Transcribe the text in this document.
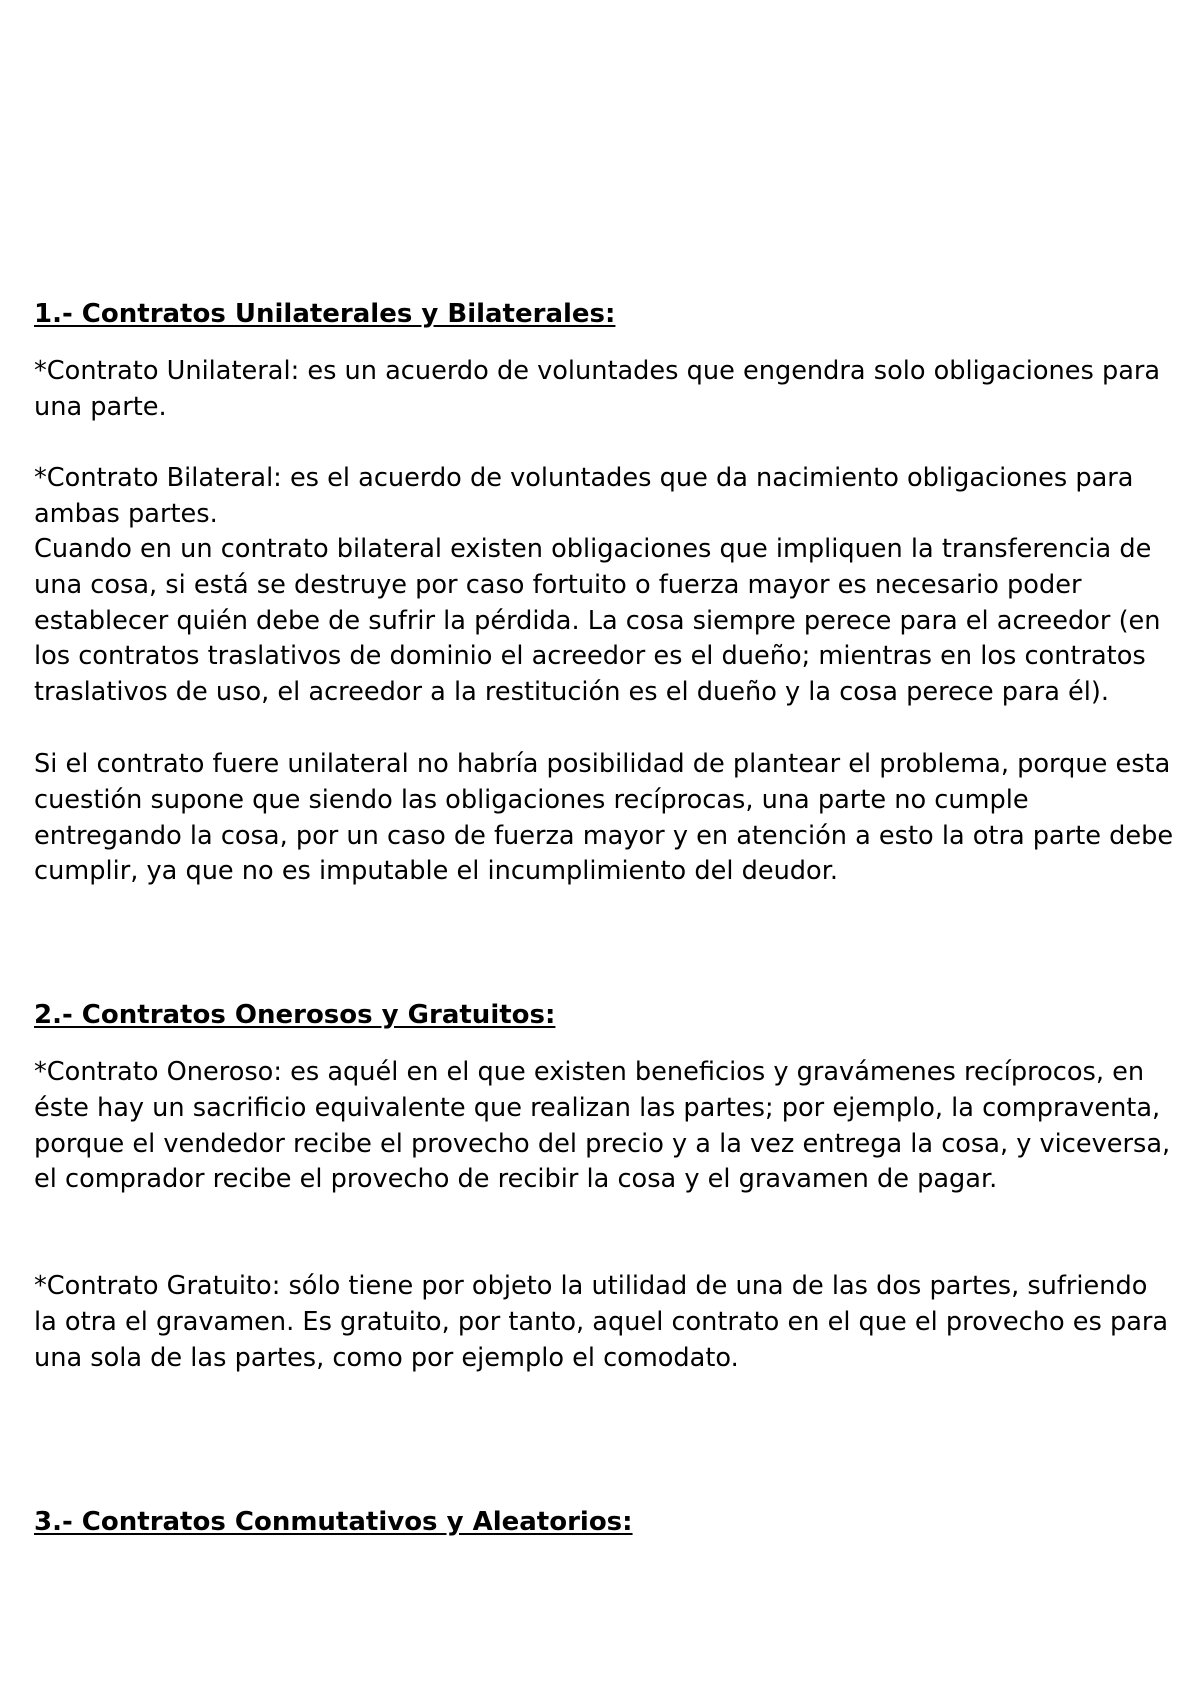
1.- Contratos Unilaterales y Bilaterales:

*Contrato Unilateral: es un acuerdo de voluntades que engendra solo obligaciones para una parte.

*Contrato Bilateral: es el acuerdo de voluntades que da nacimiento obligaciones para ambas partes.

Cuando en un contrato bilateral existen obligaciones que impliquen la transferencia de una cosa, si está se destruye por caso fortuito o fuerza mayor es necesario poder establecer quién debe de sufrir la pérdida. La cosa siempre perece para el acreedor (en los contratos traslativos de dominio el acreedor es el dueño; mientras en los contratos traslativos de uso, el acreedor a la restitución es el dueño y la cosa perece para él).

Si el contrato fuere unilateral no habría posibilidad de plantear el problema, porque esta cuestión supone que siendo las obligaciones recíprocas, una parte no cumple entregando la cosa, por un caso de fuerza mayor y en atención a esto la otra parte debe cumplir, ya que no es imputable el incumplimiento del deudor.

2.- Contratos Onerosos y Gratuitos:

*Contrato Oneroso: es aquél en el que existen beneficios y gravámenes recíprocos, en éste hay un sacrificio equivalente que realizan las partes; por ejemplo, la compraventa, porque el vendedor recibe el provecho del precio y a la vez entrega la cosa, y viceversa, el comprador recibe el provecho de recibir la cosa y el gravamen de pagar.

*Contrato Gratuito: sólo tiene por objeto la utilidad de una de las dos partes, sufriendo la otra el gravamen. Es gratuito, por tanto, aquel contrato en el que el provecho es para una sola de las partes, como por ejemplo el comodato.

3.- Contratos Conmutativos y Aleatorios:
